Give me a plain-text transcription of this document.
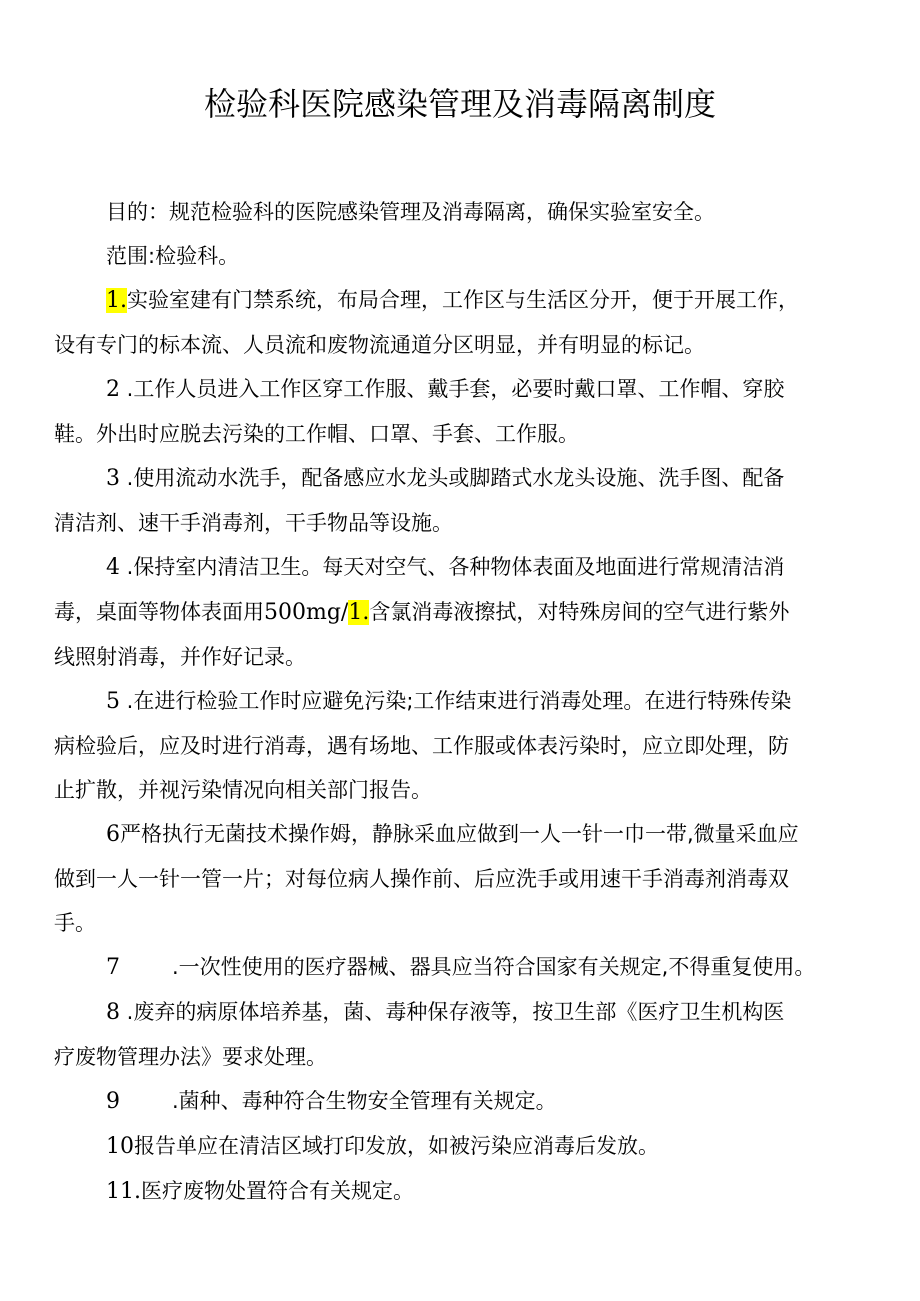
检验科医院感染管理及消毒隔离制度
目的：规范检验科的医院感染管理及消毒隔离，确保实验室安全。
范围:检验科。
1.实验室建有门禁系统，布局合理，工作区与生活区分开，便于开展工作，
设有专门的标本流、人员流和废物流通道分区明显，并有明显的标记。
2 .工作人员进入工作区穿工作服、戴手套，必要时戴口罩、工作帽、穿胶
鞋。外出时应脱去污染的工作帽、口罩、手套、工作服。
3 .使用流动水洗手，配备感应水龙头或脚踏式水龙头设施、洗手图、配备
清洁剂、速干手消毒剂，干手物品等设施。
4 .保持室内清洁卫生。每天对空气、各种物体表面及地面进行常规清洁消
毒，桌面等物体表面用500mg/1.含氯消毒液擦拭，对特殊房间的空气进行紫外
线照射消毒，并作好记录。
5 .在进行检验工作时应避免污染;工作结束进行消毒处理。在进行特殊传染
病检验后，应及时进行消毒，遇有场地、工作服或体表污染时，应立即处理，防
止扩散，并视污染情况向相关部门报告。
6严格执行无菌技术操作姆，静脉采血应做到一人一针一巾一带,微量采血应
做到一人一针一管一片；对每位病人操作前、后应洗手或用速干手消毒剂消毒双
手。
7 .一次性使用的医疗器械、器具应当符合国家有关规定,不得重复使用。
8 .废弃的病原体培养基，菌、毒种保存液等，按卫生部《医疗卫生机构医
疗废物管理办法》要求处理。
9 .菌种、毒种符合生物安全管理有关规定。
10报告单应在清洁区域打印发放，如被污染应消毒后发放。
11.医疗废物处置符合有关规定。
